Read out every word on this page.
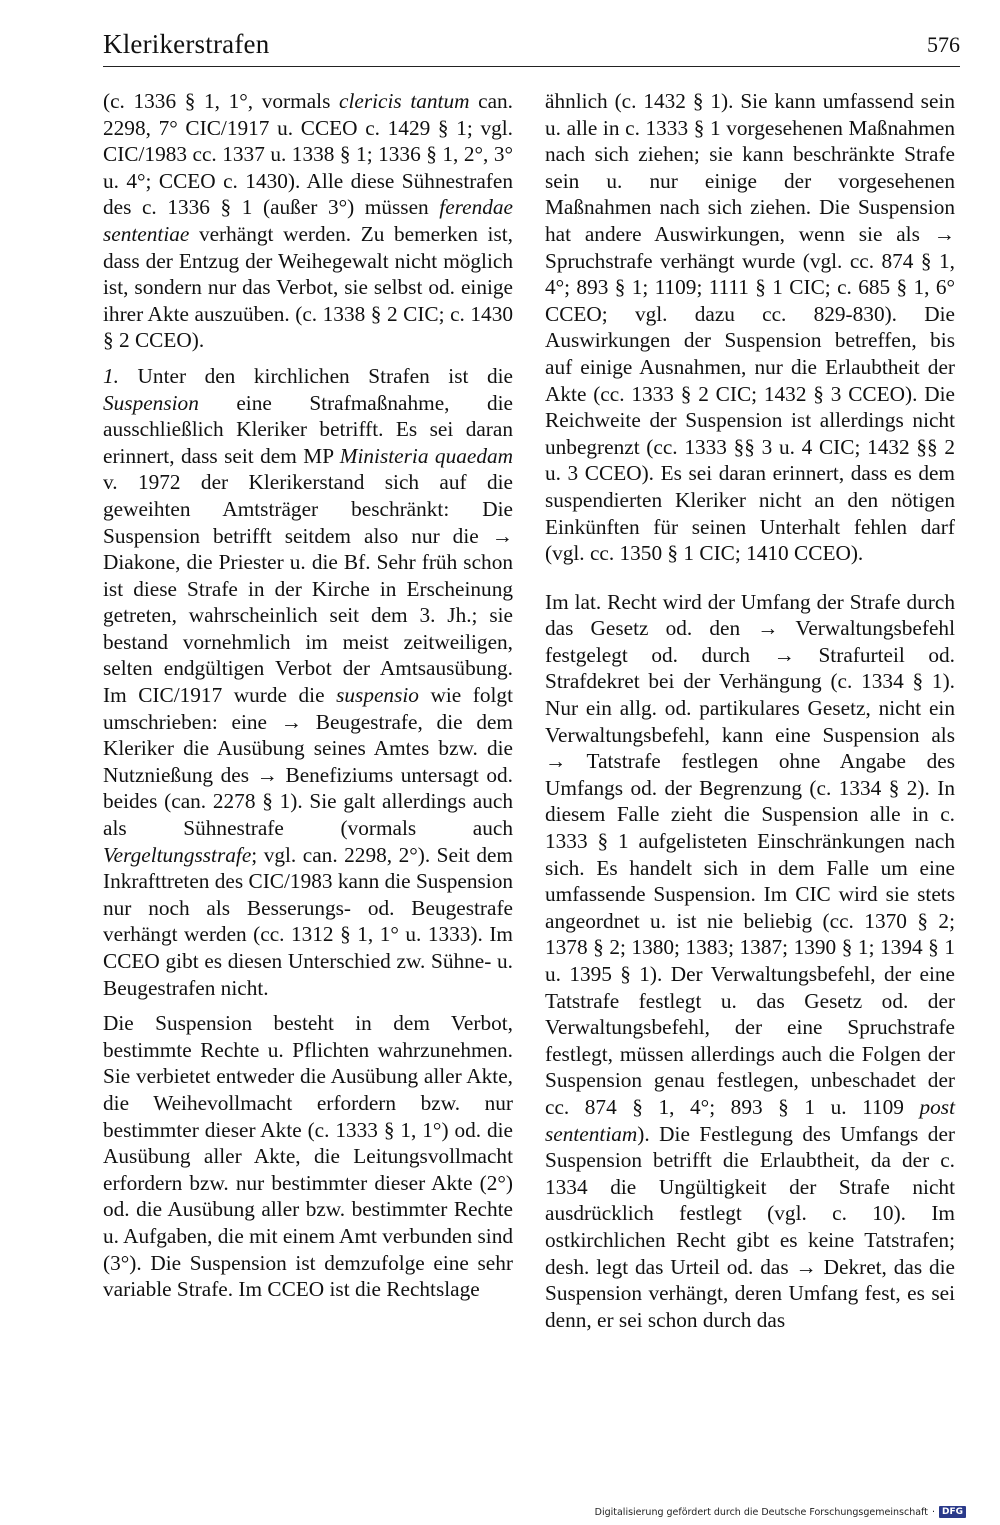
Klerikerstrafen	576

(c. 1336 § 1, 1°, vormals clericis tantum can. 2298, 7° CIC/1917 u. CCEO c. 1429 § 1; vgl. CIC/1983 cc. 1337 u. 1338 § 1; 1336 § 1, 2°, 3° u. 4°; CCEO c. 1430). Alle diese Sühnestrafen des c. 1336 § 1 (außer 3°) müssen ferendae sententiae verhängt werden. Zu bemerken ist, dass der Entzug der Weihegewalt nicht möglich ist, sondern nur das Verbot, sie selbst od. einige ihrer Akte auszuüben. (c. 1338 § 2 CIC; c. 1430 § 2 CCEO).

1. Unter den kirchlichen Strafen ist die Suspension eine Strafmaßnahme, die ausschließlich Kleriker betrifft. Es sei daran erinnert, dass seit dem MP Ministeria quaedam v. 1972 der Klerikerstand sich auf die geweihten Amtsträger beschränkt: Die Suspension betrifft seitdem also nur die → Diakone, die Priester u. die Bf. Sehr früh schon ist diese Strafe in der Kirche in Erscheinung getreten, wahrscheinlich seit dem 3. Jh.; sie bestand vornehmlich im meist zeitweiligen, selten endgültigen Verbot der Amtsausübung. Im CIC/1917 wurde die suspensio wie folgt umschrieben: eine → Beugestrafe, die dem Kleriker die Ausübung seines Amtes bzw. die Nutznießung des → Benefiziums untersagt od. beides (can. 2278 § 1). Sie galt allerdings auch als Sühnestrafe (vormals auch Vergeltungsstrafe; vgl. can. 2298, 2°). Seit dem Inkrafttreten des CIC/1983 kann die Suspension nur noch als Besserungs- od. Beugestrafe verhängt werden (cc. 1312 § 1, 1° u. 1333). Im CCEO gibt es diesen Unterschied zw. Sühne- u. Beugestrafen nicht.

Die Suspension besteht in dem Verbot, bestimmte Rechte u. Pflichten wahrzunehmen. Sie verbietet entweder die Ausübung aller Akte, die Weihevollmacht erfordern bzw. nur bestimmter dieser Akte (c. 1333 § 1, 1°) od. die Ausübung aller Akte, die Leitungsvollmacht erfordern bzw. nur bestimmter dieser Akte (2°) od. die Ausübung aller bzw. bestimmter Rechte u. Aufgaben, die mit einem Amt verbunden sind (3°). Die Suspension ist demzufolge eine sehr variable Strafe. Im CCEO ist die Rechtslage

ähnlich (c. 1432 § 1). Sie kann umfassend sein u. alle in c. 1333 § 1 vorgesehenen Maßnahmen nach sich ziehen; sie kann beschränkte Strafe sein u. nur einige der vorgesehenen Maßnahmen nach sich ziehen. Die Suspension hat andere Auswirkungen, wenn sie als → Spruchstrafe verhängt wurde (vgl. cc. 874 § 1, 4°; 893 § 1; 1109; 1111 § 1 CIC; c. 685 § 1, 6° CCEO; vgl. dazu cc. 829-830). Die Auswirkungen der Suspension betreffen, bis auf einige Ausnahmen, nur die Erlaubtheit der Akte (cc. 1333 § 2 CIC; 1432 § 3 CCEO). Die Reichweite der Suspension ist allerdings nicht unbegrenzt (cc. 1333 §§ 3 u. 4 CIC; 1432 §§ 2 u. 3 CCEO). Es sei daran erinnert, dass es dem suspendierten Kleriker nicht an den nötigen Einkünften für seinen Unterhalt fehlen darf (vgl. cc. 1350 § 1 CIC; 1410 CCEO).

Im lat. Recht wird der Umfang der Strafe durch das Gesetz od. den → Verwaltungsbefehl festgelegt od. durch → Strafurteil od. Strafdekret bei der Verhängung (c. 1334 § 1). Nur ein allg. od. partikulares Gesetz, nicht ein Verwaltungsbefehl, kann eine Suspension als → Tatstrafe festlegen ohne Angabe des Umfangs od. der Begrenzung (c. 1334 § 2). In diesem Falle zieht die Suspension alle in c. 1333 § 1 aufgelisteten Einschränkungen nach sich. Es handelt sich in dem Falle um eine umfassende Suspension. Im CIC wird sie stets angeordnet u. ist nie beliebig (cc. 1370 § 2; 1378 § 2; 1380; 1383; 1387; 1390 § 1; 1394 § 1 u. 1395 § 1). Der Verwaltungsbefehl, der eine Tatstrafe festlegt u. das Gesetz od. der Verwaltungsbefehl, der eine Spruchstrafe festlegt, müssen allerdings auch die Folgen der Suspension genau festlegen, unbeschadet der cc. 874 § 1, 4°; 893 § 1 u. 1109 post sententiam). Die Festlegung des Umfangs der Suspension betrifft die Erlaubtheit, da der c. 1334 die Ungültigkeit der Strafe nicht ausdrücklich festlegt (vgl. c. 10). Im ostkirchlichen Recht gibt es keine Tatstrafen; desh. legt das Urteil od. das → Dekret, das die Suspension verhängt, deren Umfang fest, es sei denn, er sei schon durch das

Digitalisierung gefördert durch die Deutsche Forschungsgemeinschaft · DFG
